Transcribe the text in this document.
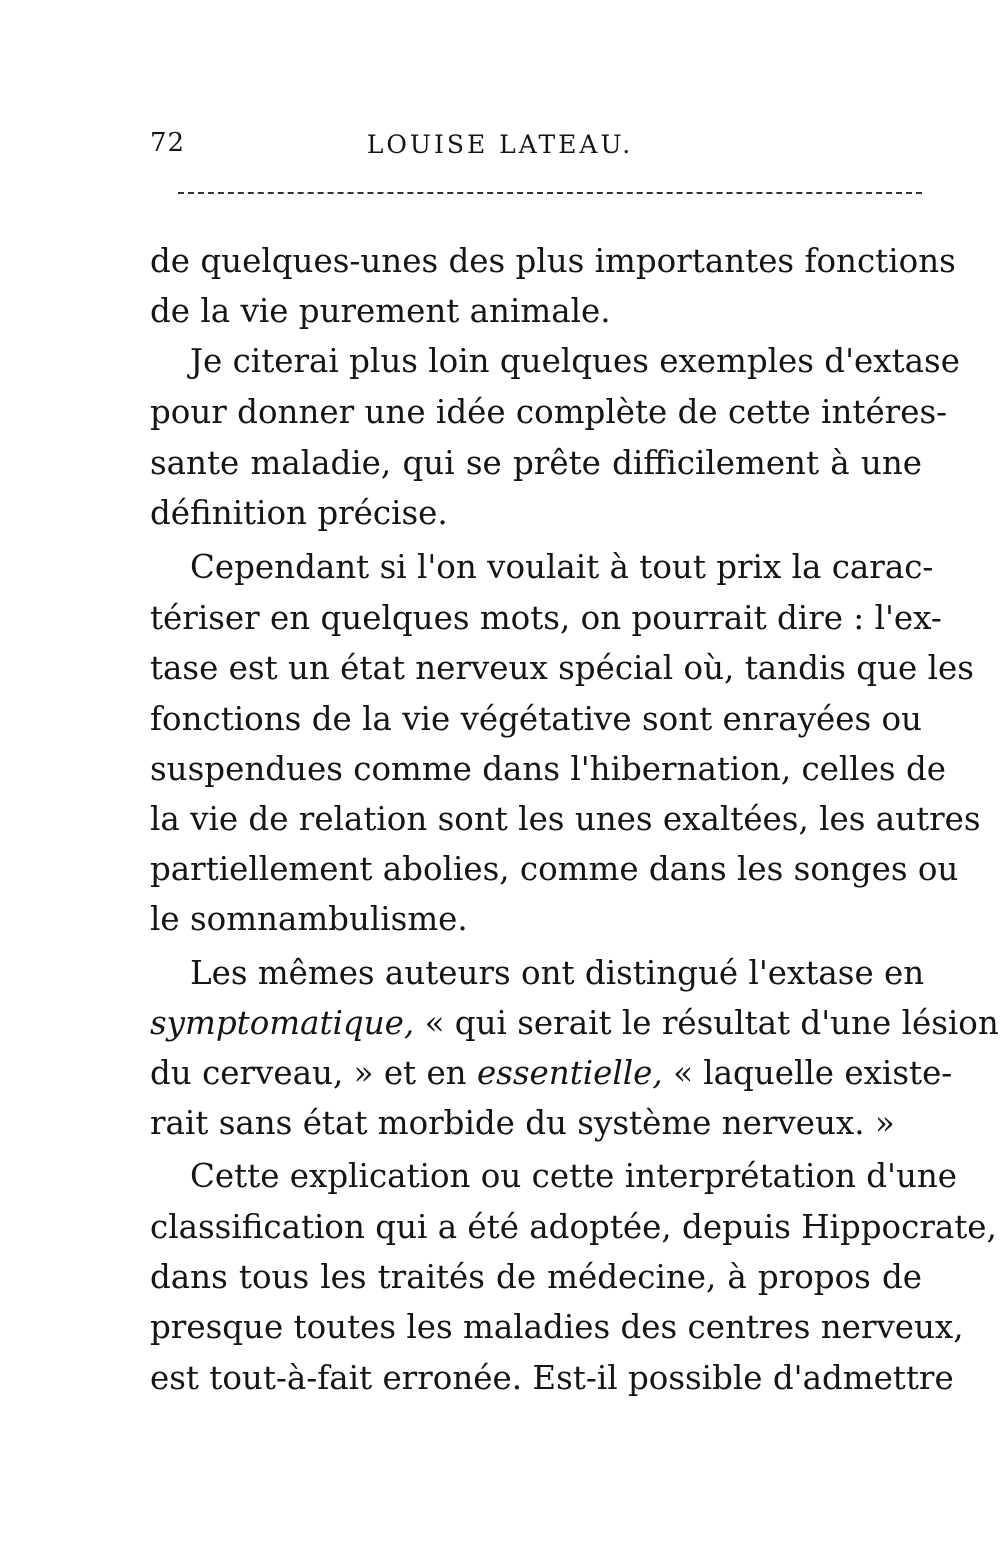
72	LOUISE LATEAU.

de quelques-unes des plus importantes fonctions

de la vie purement animale.

Je citerai plus loin quelques exemples d'extase

pour donner une idée complète de cette intéres-

sante maladie, qui se prête difficilement à une

définition précise.

Cependant si l'on voulait à tout prix la carac-

tériser en quelques mots, on pourrait dire : l'ex-

tase est un état nerveux spécial où, tandis que les

fonctions de la vie végétative sont enrayées ou

suspendues comme dans l'hibernation, celles de

la vie de relation sont les unes exaltées, les autres

partiellement abolies, comme dans les songes ou

le somnambulisme.

Les mêmes auteurs ont distingué l'extase en

symptomatique, « qui serait le résultat d'une lésion

du cerveau, » et en essentielle, « laquelle existe-

rait sans état morbide du système nerveux. »

Cette explication ou cette interprétation d'une

classification qui a été adoptée, depuis Hippocrate,

dans tous les traités de médecine, à propos de

presque toutes les maladies des centres nerveux,

est tout-à-fait erronée. Est-il possible d'admettre
